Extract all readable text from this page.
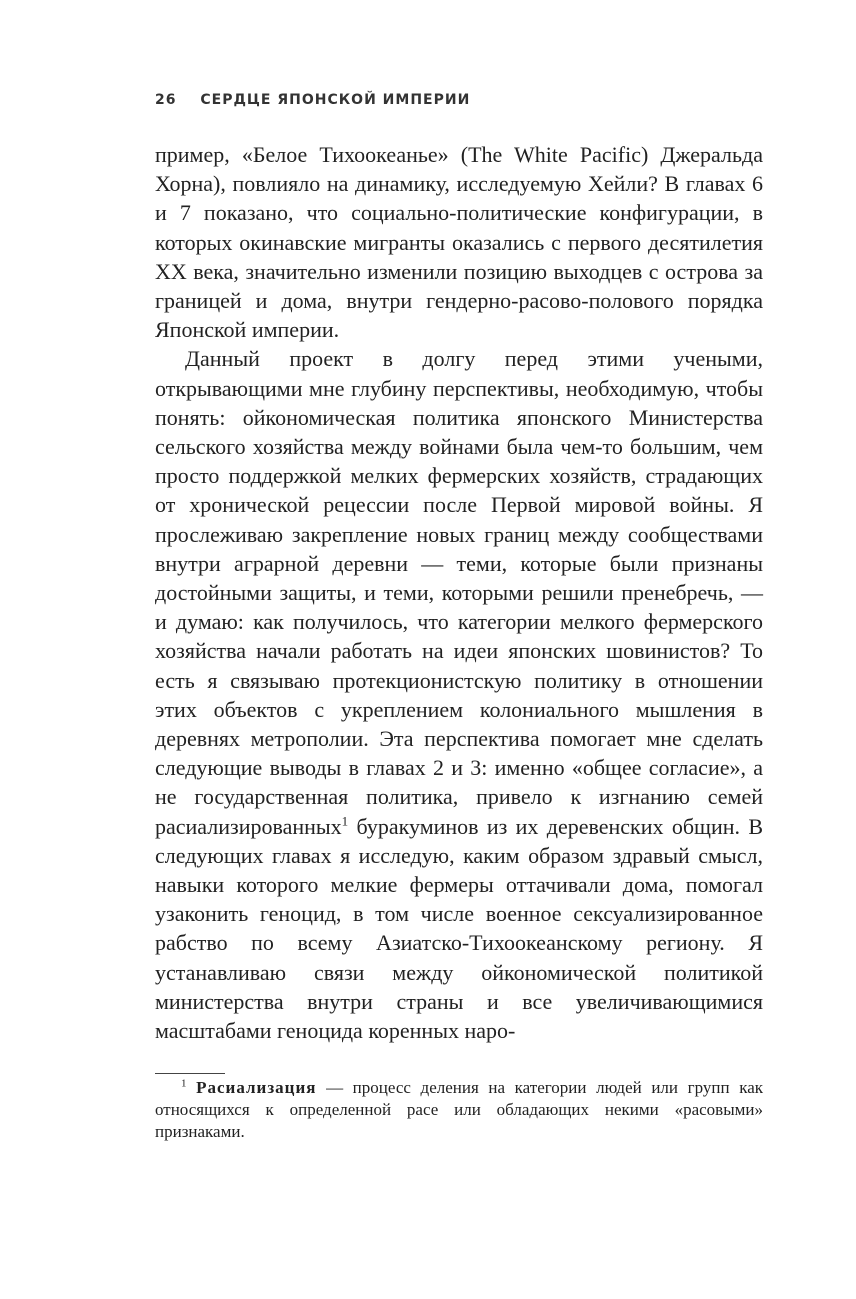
26 СЕРДЦЕ ЯПОНСКОЙ ИМПЕРИИ

пример, «Белое Тихоокеанье» (The White Pacific) Джеральда Хорна), повлияло на динамику, исследуемую Хейли? В главах 6 и 7 показано, что социально-политические конфигурации, в которых окинавские мигранты оказались с первого десятилетия XX века, значительно изменили позицию выходцев с острова за границей и дома, внутри гендерно-расово-полового порядка Японской империи.

Данный проект в долгу перед этими учеными, открывающими мне глубину перспективы, необходимую, чтобы понять: ойкономическая политика японского Министерства сельского хозяйства между войнами была чем-то большим, чем просто поддержкой мелких фермерских хозяйств, страдающих от хронической рецессии после Первой мировой войны. Я прослеживаю закрепление новых границ между сообществами внутри аграрной деревни — теми, которые были признаны достойными защиты, и теми, которыми решили пренебречь, — и думаю: как получилось, что категории мелкого фермерского хозяйства начали работать на идеи японских шовинистов? То есть я связываю протекционистскую политику в отношении этих объектов с укреплением колониального мышления в деревнях метрополии. Эта перспектива помогает мне сделать следующие выводы в главах 2 и 3: именно «общее согласие», а не государственная политика, привело к изгнанию семей расиализированных$^1$ буракуминов из их деревенских общин. В следующих главах я исследую, каким образом здравый смысл, навыки которого мелкие фермеры оттачивали дома, помогал узаконить геноцид, в том числе военное сексуализированное рабство по всему Азиатско-Тихоокеанскому региону. Я устанавливаю связи между ойкономической политикой министерства внутри страны и все увеличивающимися масштабами геноцида коренных наро-

$^1$ Расиализация — процесс деления на категории людей или групп как относящихся к определенной расе или обладающих некими «расовыми» признаками.
